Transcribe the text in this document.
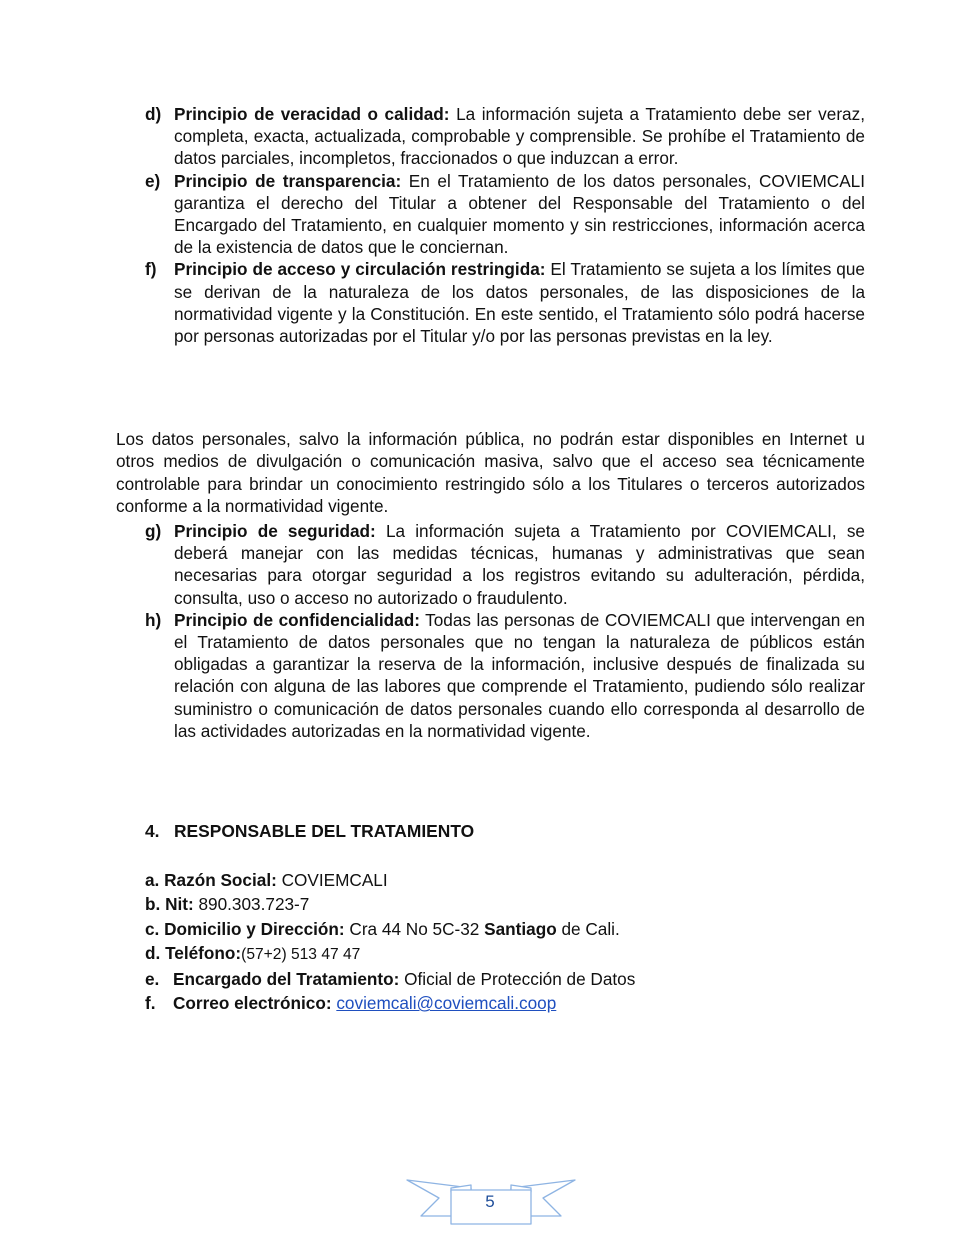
d) Principio de veracidad o calidad: La información sujeta a Tratamiento debe ser veraz, completa, exacta, actualizada, comprobable y comprensible. Se prohíbe el Tratamiento de datos parciales, incompletos, fraccionados o que induzcan a error.
e) Principio de transparencia: En el Tratamiento de los datos personales, COVIEMCALI garantiza el derecho del Titular a obtener del Responsable del Tratamiento o del Encargado del Tratamiento, en cualquier momento y sin restricciones, información acerca de la existencia de datos que le conciernan.
f) Principio de acceso y circulación restringida: El Tratamiento se sujeta a los límites que se derivan de la naturaleza de los datos personales, de las disposiciones de la normatividad vigente y la Constitución. En este sentido, el Tratamiento sólo podrá hacerse por personas autorizadas por el Titular y/o por las personas previstas en la ley.

Los datos personales, salvo la información pública, no podrán estar disponibles en Internet u otros medios de divulgación o comunicación masiva, salvo que el acceso sea técnicamente controlable para brindar un conocimiento restringido sólo a los Titulares o terceros autorizados conforme a la normatividad vigente.

g) Principio de seguridad: La información sujeta a Tratamiento por COVIEMCALI, se deberá manejar con las medidas técnicas, humanas y administrativas que sean necesarias para otorgar seguridad a los registros evitando su adulteración, pérdida, consulta, uso o acceso no autorizado o fraudulento.
h) Principio de confidencialidad: Todas las personas de COVIEMCALI que intervengan en el Tratamiento de datos personales que no tengan la naturaleza de públicos están obligadas a garantizar la reserva de la información, inclusive después de finalizada su relación con alguna de las labores que comprende el Tratamiento, pudiendo sólo realizar suministro o comunicación de datos personales cuando ello corresponda al desarrollo de las actividades autorizadas en la normatividad vigente.
4. RESPONSABLE DEL TRATAMIENTO
a. Razón Social: COVIEMCALI
b. Nit: 890.303.723-7
c. Domicilio y Dirección: Cra 44 No 5C-32 Santiago de Cali.
d. Teléfono:(57+2) 513 47 47
e. Encargado del Tratamiento: Oficial de Protección de Datos
f. Correo electrónico: coviemcali@coviemcali.coop
5
